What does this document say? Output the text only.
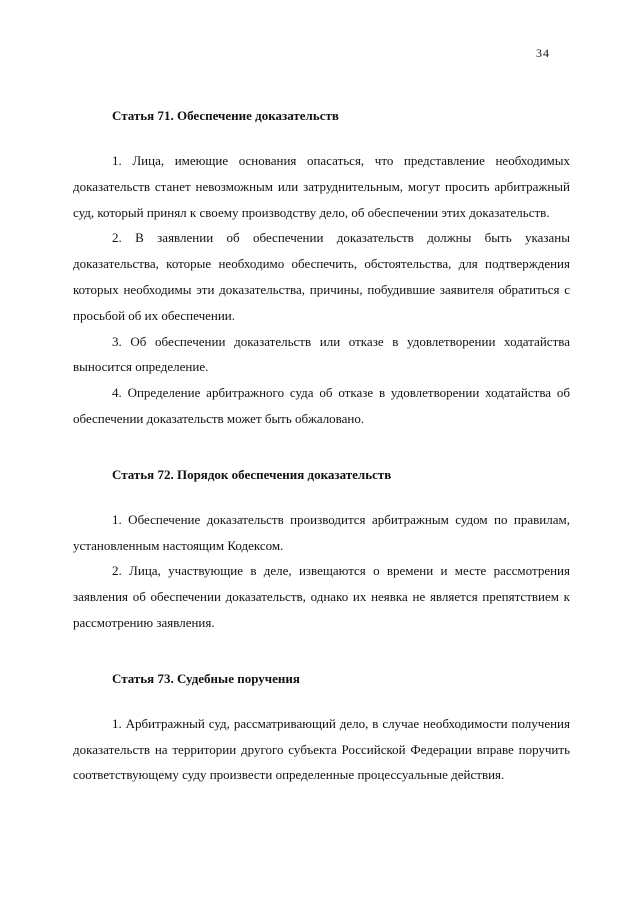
34
Статья 71. Обеспечение доказательств

1. Лица, имеющие основания опасаться, что представление необходимых доказательств станет невозможным или затруднительным, могут просить арбитражный суд, который принял к своему производству дело, об обеспечении этих доказательств.

2. В заявлении об обеспечении доказательств должны быть указаны доказательства, которые необходимо обеспечить, обстоятельства, для подтверждения которых необходимы эти доказательства, причины, побудившие заявителя обратиться с просьбой об их обеспечении.

3. Об обеспечении доказательств или отказе в удовлетворении ходатайства выносится определение.

4. Определение арбитражного суда об отказе в удовлетворении ходатайства об обеспечении доказательств может быть обжаловано.

Статья 72. Порядок обеспечения доказательств

1. Обеспечение доказательств производится арбитражным судом по правилам, установленным настоящим Кодексом.

2. Лица, участвующие в деле, извещаются о времени и месте рассмотрения заявления об обеспечении доказательств, однако их неявка не является препятствием к рассмотрению заявления.

Статья 73. Судебные поручения

1. Арбитражный суд, рассматривающий дело, в случае необходимости получения доказательств на территории другого субъекта Российской Федерации вправе поручить соответствующему суду произвести определенные процессуальные действия.
